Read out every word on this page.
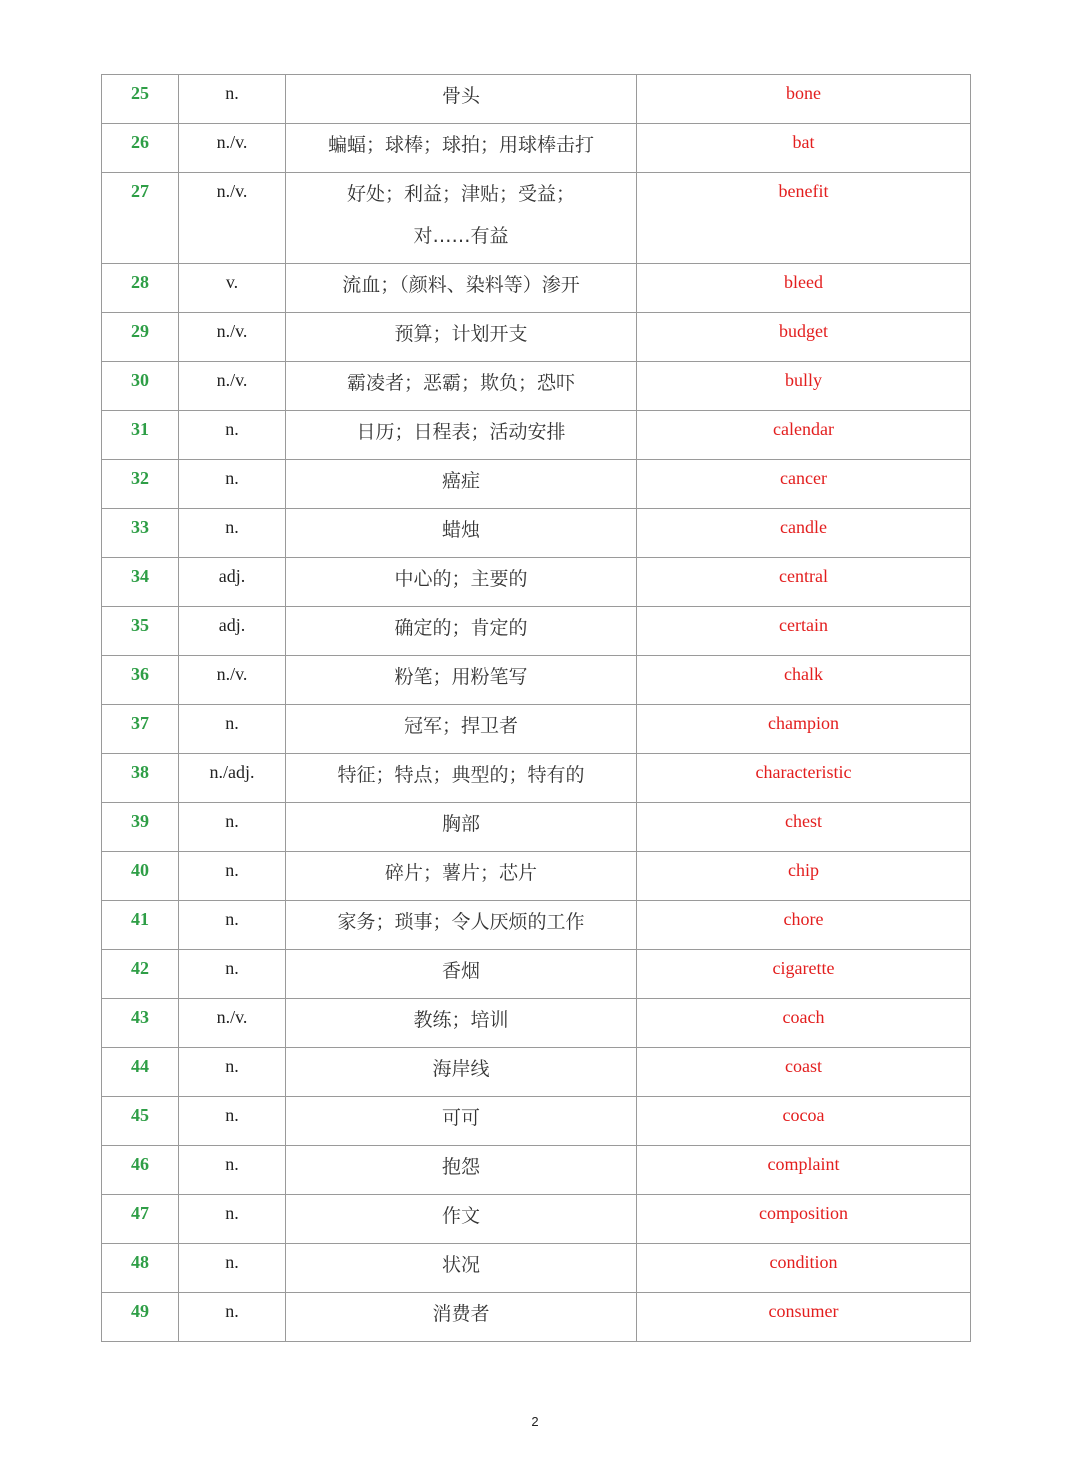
25	n.	骨头	bone

26	n./v.	蝙蝠；球棒；球拍；用球棒击打	bat

27	n./v.	好处；利益；津贴；受益；
对……有益	benefit

28	v.	流血；（颜料、染料等）渗开	bleed

29	n./v.	预算；计划开支	budget

30	n./v.	霸凌者；恶霸；欺负；恐吓	bully

31	n.	日历；日程表；活动安排	calendar

32	n.	癌症	cancer

33	n.	蜡烛	candle

34	adj.	中心的；主要的	central

35	adj.	确定的；肯定的	certain

36	n./v.	粉笔；用粉笔写	chalk

37	n.	冠军；捍卫者	champion

38	n./adj.	特征；特点；典型的；特有的	characteristic

39	n.	胸部	chest

40	n.	碎片；薯片；芯片	chip

41	n.	家务；琐事；令人厌烦的工作	chore

42	n.	香烟	cigarette

43	n./v.	教练；培训	coach

44	n.	海岸线	coast

45	n.	可可	cocoa

46	n.	抱怨	complaint

47	n.	作文	composition

48	n.	状况	condition

49	n.	消费者	consumer
2
